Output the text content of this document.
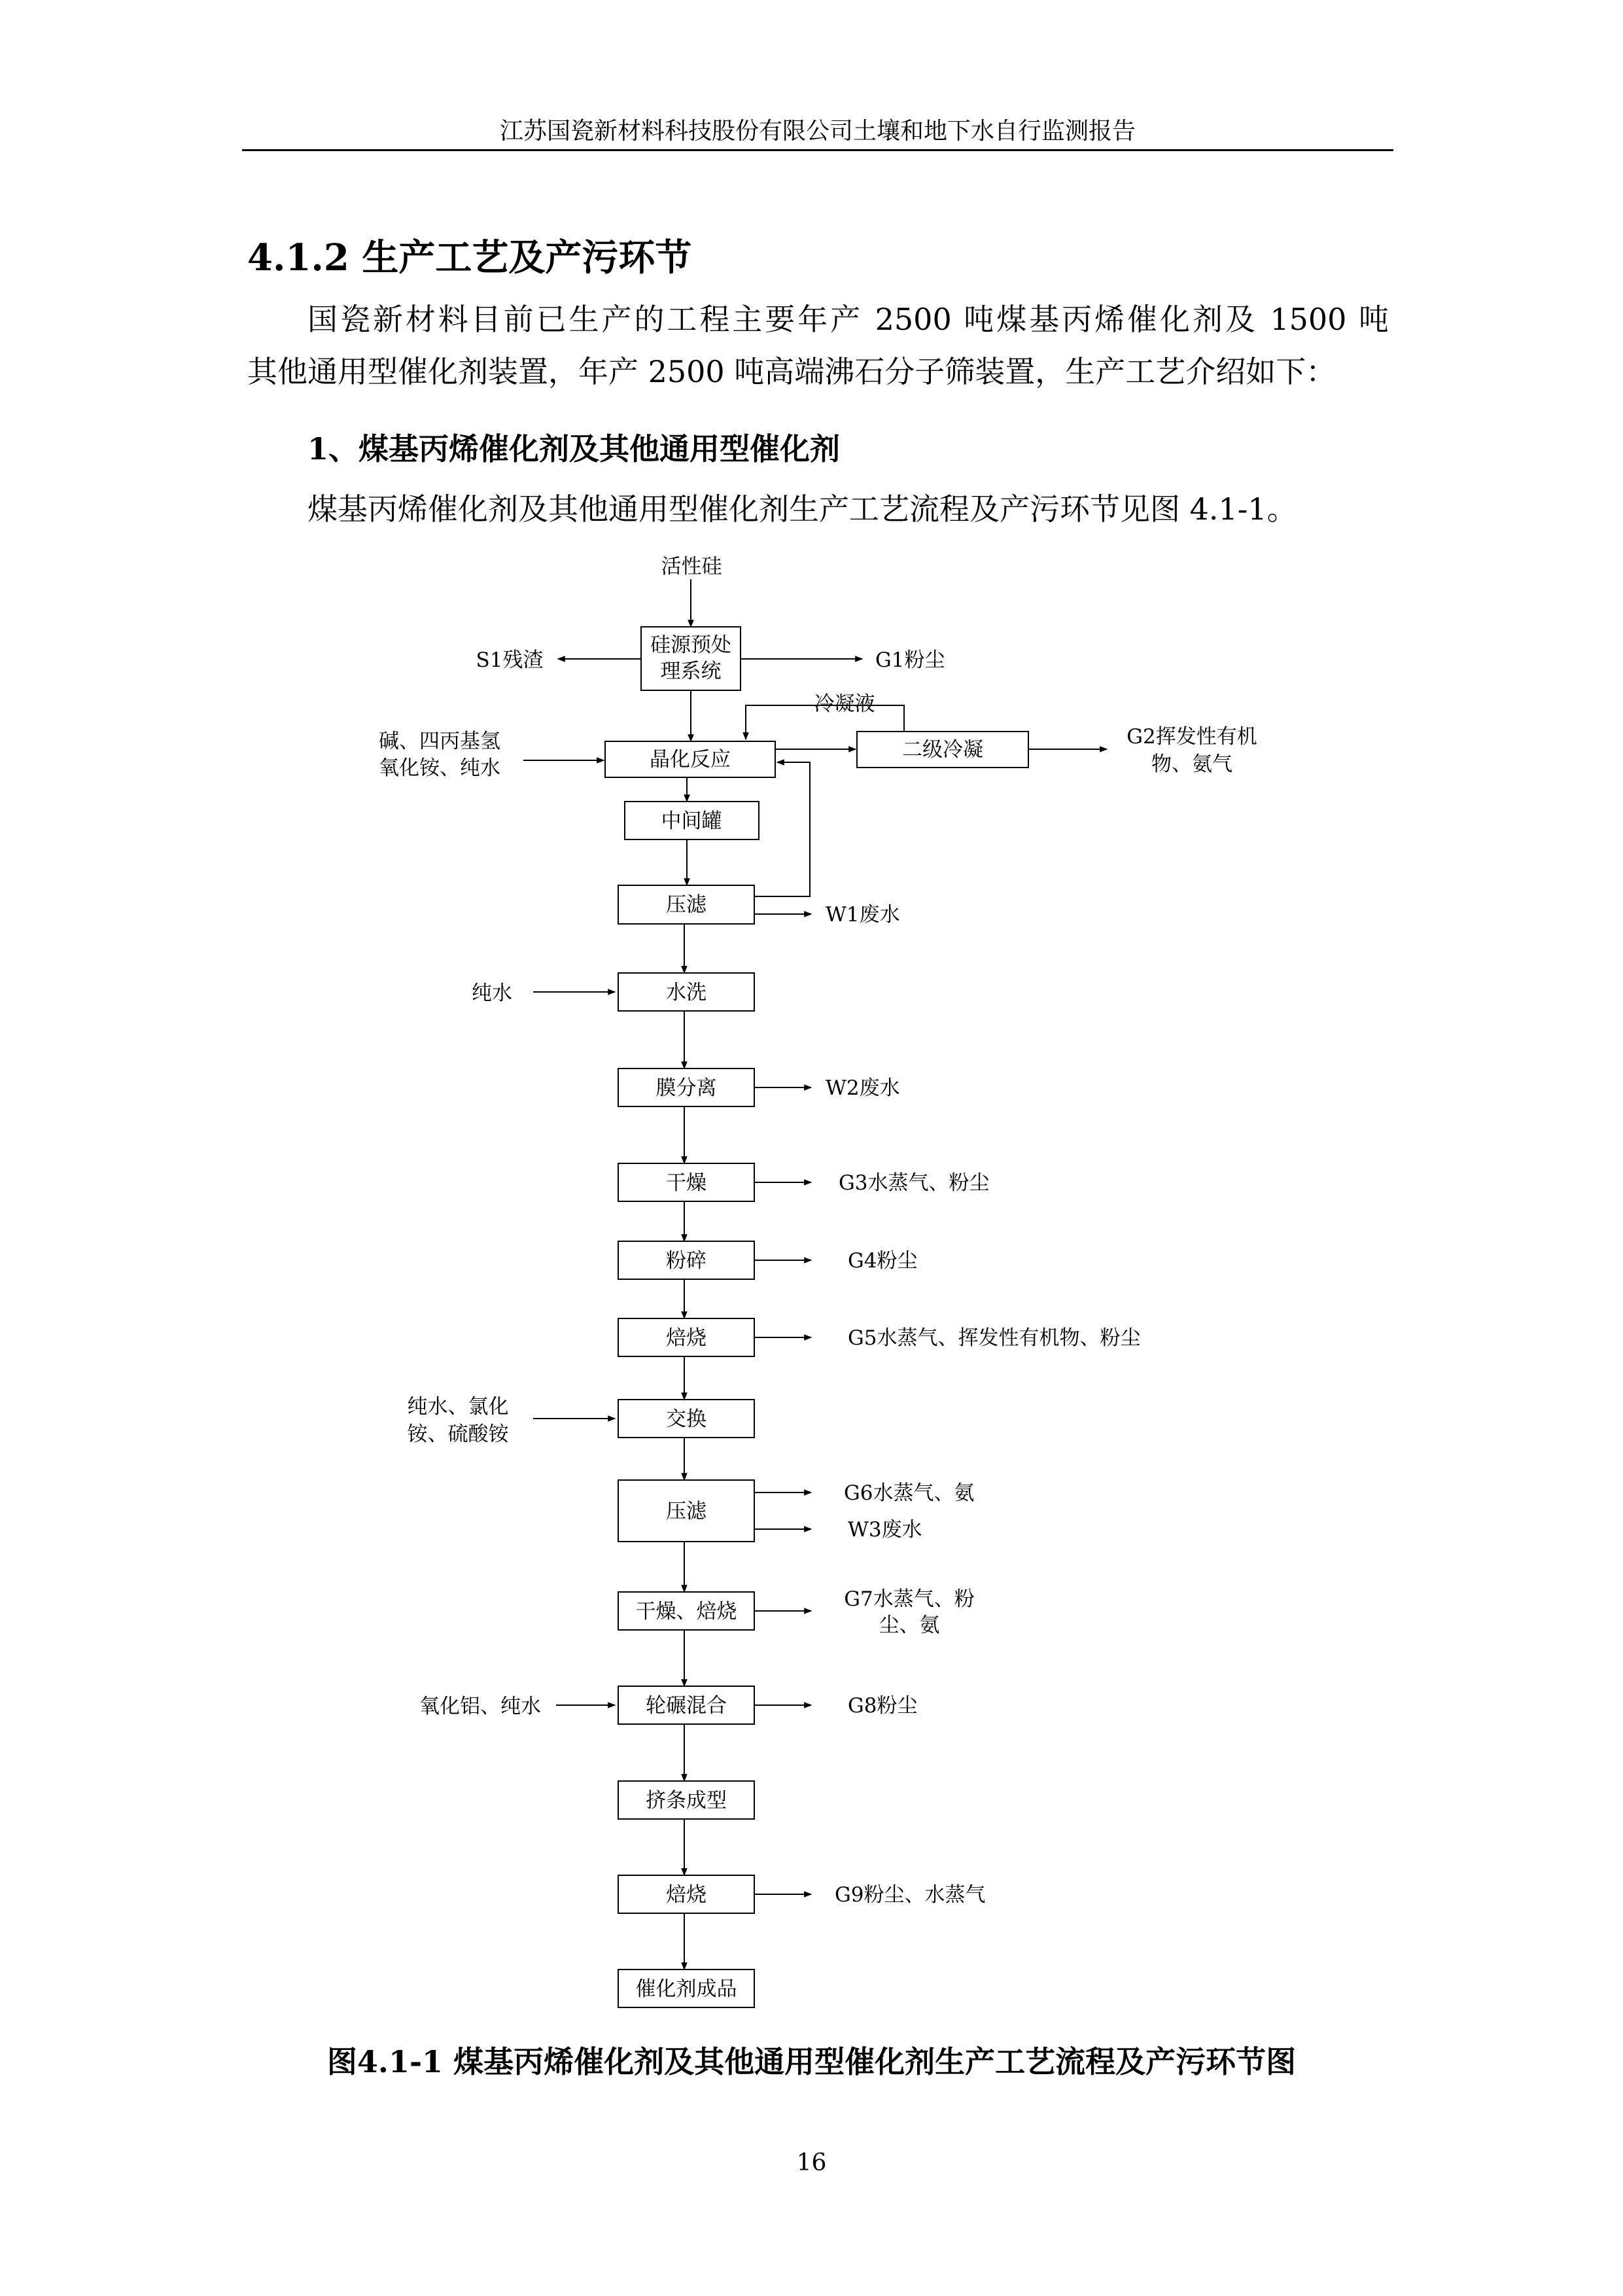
江苏国瓷新材料科技股份有限公司土壤和地下水自行监测报告
4.1.2 生产工艺及产污环节
国瓷新材料目前已生产的工程主要年产 2500 吨煤基丙烯催化剂及 1500 吨
其他通用型催化剂装置，年产 2500 吨高端沸石分子筛装置，生产工艺介绍如下：
1、煤基丙烯催化剂及其他通用型催化剂
煤基丙烯催化剂及其他通用型催化剂生产工艺流程及产污环节见图 4.1-1。
硅源预处
理系统
晶化反应	二级冷凝
中间罐
压滤
水洗
膜分离
干燥
粉碎
焙烧
交换
压滤
干燥、焙烧
轮碾混合
挤条成型
焙烧
催化剂成品
活性硅
碱、四丙基氢
氧化铵、纯水
纯水
纯水、氯化
铵、硫酸铵
氧化铝、纯水
S1残渣	G1粉尘
冷凝液
G2挥发性有机
物、氨气
W1废水
W2废水
G3水蒸气、粉尘
G4粉尘
G5水蒸气、挥发性有机物、粉尘
G6水蒸气、氨
W3废水
G7水蒸气、粉
尘、氨
G8粉尘
G9粉尘、水蒸气
图4.1-1 煤基丙烯催化剂及其他通用型催化剂生产工艺流程及产污环节图
16
